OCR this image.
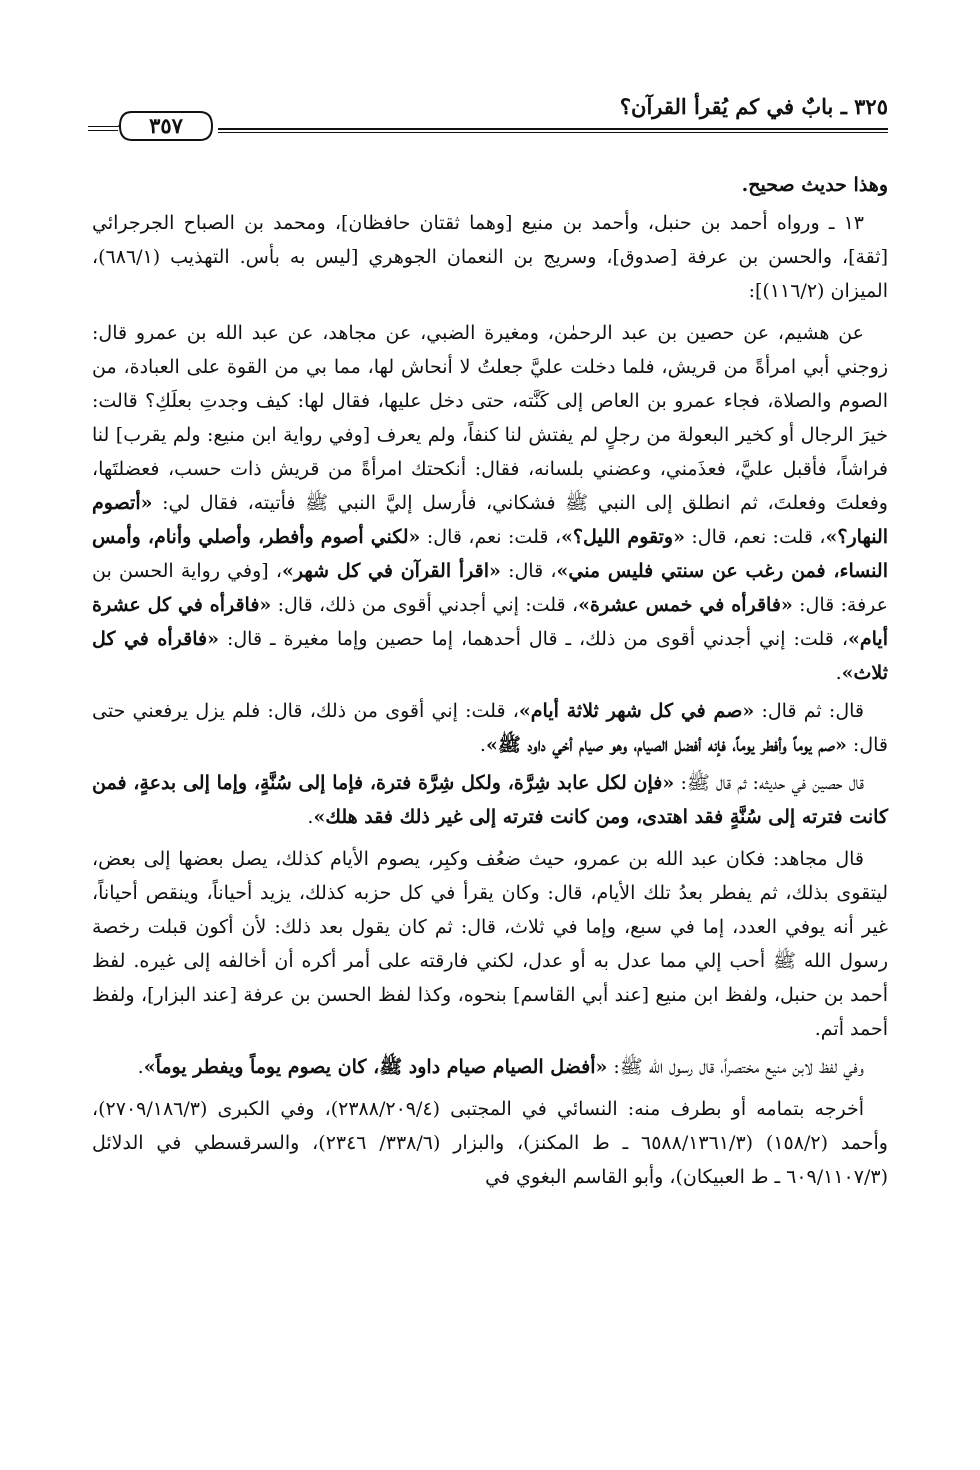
٣٢٥ ـ بابٌ في كم يُقرأ القرآن؟
٣٥٧

وهذا حديث صحيح.

١٣ ـ ورواه أحمد بن حنبل، وأحمد بن منيع [وهما ثقتان حافظان]، ومحمد بن الصباح الجرجرائي [ثقة]، والحسن بن عرفة [صدوق]، وسريج بن النعمان الجوهري [ليس به بأس. التهذيب (٦٨٦/١)، الميزان (١١٦/٢)]:

عن هشيم، عن حصين بن عبد الرحمٰن، ومغيرة الضبي، عن مجاهد، عن عبد الله بن عمرو قال: زوجني أبي امرأةً من قريش، فلما دخلت عليَّ جعلتُ لا أنحاش لها، مما بي من القوة على العبادة، من الصوم والصلاة، فجاء عمرو بن العاص إلى كَنَّته، حتى دخل عليها، فقال لها: كيف وجدتِ بعلَكِ؟ قالت: خيرَ الرجال أو كخير البعولة من رجلٍ لم يفتش لنا كنفاً، ولم يعرف [وفي رواية ابن منيع: ولم يقرب] لنا فراشاً، فأقبل عليَّ، فعذَمني، وعضني بلسانه، فقال: أنكحتك امرأةً من قريش ذات حسب، فعضلتَها، وفعلتَ وفعلتَ، ثم انطلق إلى النبي ﷺ فشكاني، فأرسل إليَّ النبي ﷺ فأتيته، فقال لي: «أتصوم النهار؟»، قلت: نعم، قال: «وتقوم الليل؟»، قلت: نعم، قال: «لكني أصوم وأفطر، وأصلي وأنام، وأمس النساء، فمن رغب عن سنتي فليس مني»، قال: «اقرأ القرآن في كل شهر»، [وفي رواية الحسن بن عرفة: قال: «فاقرأه في خمس عشرة»، قلت: إني أجدني أقوى من ذلك، قال: «فاقرأه في كل عشرة أيام»، قلت: إني أجدني أقوى من ذلك، ـ قال أحدهما، إما حصين وإما مغيرة ـ قال: «فاقرأه في كل ثلاث».

قال: ثم قال: «صم في كل شهر ثلاثة أيام»، قلت: إني أقوى من ذلك، قال: فلم يزل يرفعني حتى قال: «صم يوماً وأفطر يوماً، فإنه أفضل الصيام، وهو صيام أخي داود ﷺ».

قال حصين في حديثه: ثم قال ﷺ: «فإن لكل عابد شِرَّة، ولكل شِرَّة فترة، فإما إلى سُنَّةٍ، وإما إلى بدعةٍ، فمن كانت فترته إلى سُنَّةٍ فقد اهتدى، ومن كانت فترته إلى غير ذلك فقد هلك».

قال مجاهد: فكان عبد الله بن عمرو، حيث ضعُف وكبِر، يصوم الأيام كذلك، يصل بعضها إلى بعض، ليتقوى بذلك، ثم يفطر بعدُ تلك الأيام، قال: وكان يقرأ في كل حزبه كذلك، يزيد أحياناً، وينقص أحياناً، غير أنه يوفي العدد، إما في سبع، وإما في ثلاث، قال: ثم كان يقول بعد ذلك: لأن أكون قبلت رخصة رسول الله ﷺ أحب إلي مما عدل به أو عدل، لكني فارقته على أمر أكره أن أخالفه إلى غيره. لفظ أحمد بن حنبل، ولفظ ابن منيع [عند أبي القاسم] بنحوه، وكذا لفظ الحسن بن عرفة [عند البزار]، ولفظ أحمد أتم.

وفي لفظ لابن منيع مختصراً، قال رسول الله ﷺ: «أفضل الصيام صيام داود ﷺ، كان يصوم يوماً ويفطر يوماً».

أخرجه بتمامه أو بطرف منه: النسائي في المجتبى (٢٣٨٨/٢٠٩/٤)، وفي الكبرى (٢٧٠٩/١٨٦/٣)، وأحمد (١٥٨/٢) (٦٥٨٨/١٣٦١/٣ ـ ط المكنز)، والبزار (٣٣٨/٦/ ٢٣٤٦)، والسرقسطي في الدلائل (٦٠٩/١١٠٧/٣ ـ ط العبيكان)، وأبو القاسم البغوي في
